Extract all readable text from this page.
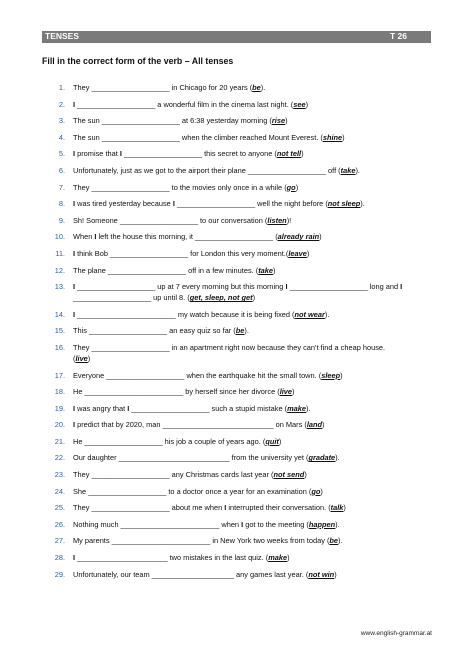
TENSES	T 26
Fill in the correct form of the verb – All tenses
1. They ___________________ in Chicago for 20 years (be).
2. I ___________________ a wonderful film in the cinema last night. (see)
3. The sun ___________________ at 6:38 yesterday morning (rise)
4. The sun ___________________ when the climber reached Mount Everest. (shine)
5. I promise that I ___________________ this secret to anyone (not tell)
6. Unfortunately, just as we got to the airport their plane ___________________ off (take).
7. They ___________________ to the movies only once in a while (go)
8. I was tired yesterday because I ___________________ well the night before (not sleep).
9. Sh! Someone ___________________ to our conversation (listen)!
10. When I left the house this morning, it ___________________ (already rain)
11. I think Bob ___________________ for London this very moment.(leave)
12. The plane ___________________ off in a few minutes. (take)
13. I ___________________ up at 7 every morning but this morning I ___________________ long and I
___________________ up until 8. (get, sleep, not get)
14. I ________________________ my watch because it is being fixed (not wear).
15. This ___________________ an easy quiz so far (be).
16. They ___________________ in an apartment right now because they can't find a cheap house.
(live)
17. Everyone ___________________ when the earthquake hit the small town. (sleep)
18. He ________________________ by herself since her divorce (live)
19. I was angry that I ___________________ such a stupid mistake (make).
20. I predict that by 2020, man ___________________________ on Mars (land)
21. He ___________________ his job a couple of years ago. (quit)
22. Our daughter ___________________________ from the university yet (gradate).
23. They ___________________ any Christmas cards last year (not send)
24. She ___________________ to a doctor once a year for an examination (go)
25. They ___________________ about me when I interrupted their conversation. (talk)
26. Nothing much ________________________ when I got to the meeting (happen).
27. My parents ________________________ in New York two weeks from today (be).
28. I ______________________ two mistakes in the last quiz. (make)
29. Unfortunately, our team ____________________ any games last year. (not win)
www.english-grammar.at
